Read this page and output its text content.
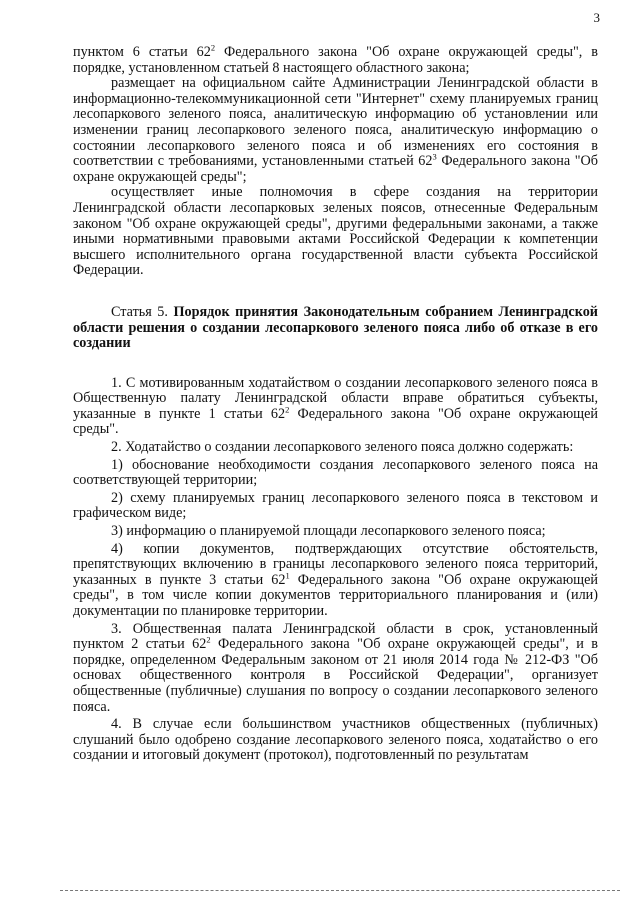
3

пунктом 6 статьи $62^2$ Федерального закона "Об охране окружающей среды", в порядке, установленном статьей 8 настоящего областного закона;

размещает на официальном сайте Администрации Ленинградской области в информационно-телекоммуникационной сети "Интернет" схему планируемых границ лесопаркового зеленого пояса, аналитическую информацию об установлении или изменении границ лесопаркового зеленого пояса, аналитическую информацию о состоянии лесопаркового зеленого пояса и об изменениях его состояния в соответствии с требованиями, установленными статьей $62^3$ Федерального закона "Об охране окружающей среды";

осуществляет иные полномочия в сфере создания на территории Ленинградской области лесопарковых зеленых поясов, отнесенные Федеральным законом "Об охране окружающей среды", другими федеральными законами, а также иными нормативными правовыми актами Российской Федерации к компетенции высшего исполнительного органа государственной власти субъекта Российской Федерации.

Статья 5. Порядок принятия Законодательным собранием Ленинградской области решения о создании лесопаркового зеленого пояса либо об отказе в его создании

1. С мотивированным ходатайством о создании лесопаркового зеленого пояса в Общественную палату Ленинградской области вправе обратиться субъекты, указанные в пункте 1 статьи $62^2$ Федерального закона "Об охране окружающей среды".

2. Ходатайство о создании лесопаркового зеленого пояса должно содержать:

1) обоснование необходимости создания лесопаркового зеленого пояса на соответствующей территории;

2) схему планируемых границ лесопаркового зеленого пояса в текстовом и графическом виде;

3) информацию о планируемой площади лесопаркового зеленого пояса;

4) копии документов, подтверждающих отсутствие обстоятельств, препятствующих включению в границы лесопаркового зеленого пояса территорий, указанных в пункте 3 статьи $62^1$ Федерального закона "Об охране окружающей среды", в том числе копии документов территориального планирования и (или) документации по планировке территории.

3. Общественная палата Ленинградской области в срок, установленный пунктом 2 статьи $62^2$ Федерального закона "Об охране окружающей среды", и в порядке, определенном Федеральным законом от 21 июля 2014 года № 212-ФЗ "Об основах общественного контроля в Российской Федерации", организует общественные (публичные) слушания по вопросу о создании лесопаркового зеленого пояса.

4. В случае если большинством участников общественных (публичных) слушаний было одобрено создание лесопаркового зеленого пояса, ходатайство о его создании и итоговый документ (протокол), подготовленный по результатам
